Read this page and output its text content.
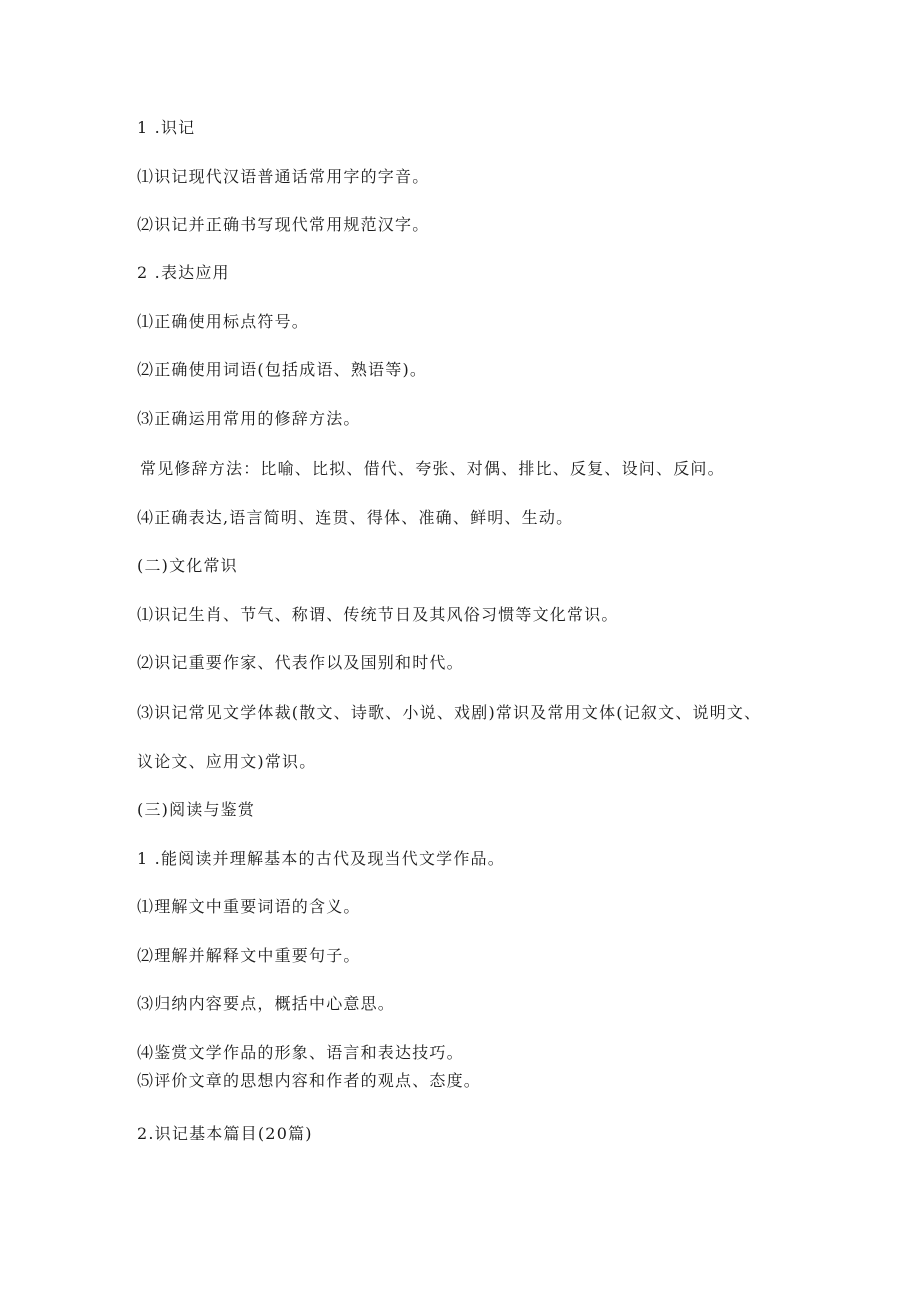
1 .识记
⑴识记现代汉语普通话常用字的字音。
⑵识记并正确书写现代常用规范汉字。
2 .表达应用
⑴正确使用标点符号。
⑵正确使用词语(包括成语、熟语等)。
⑶正确运用常用的修辞方法。
常见修辞方法：比喻、比拟、借代、夸张、对偶、排比、反复、设问、反问。
⑷正确表达,语言简明、连贯、得体、准确、鲜明、生动。
(二)文化常识
⑴识记生肖、节气、称谓、传统节日及其风俗习惯等文化常识。
⑵识记重要作家、代表作以及国别和时代。
⑶识记常见文学体裁(散文、诗歌、小说、戏剧)常识及常用文体(记叙文、说明文、
议论文、应用文)常识。
(三)阅读与鉴赏
1 .能阅读并理解基本的古代及现当代文学作品。
⑴理解文中重要词语的含义。
⑵理解并解释文中重要句子。
⑶归纳内容要点，概括中心意思。
⑷鉴赏文学作品的形象、语言和表达技巧。
⑸评价文章的思想内容和作者的观点、态度。
2.识记基本篇目(20篇)
